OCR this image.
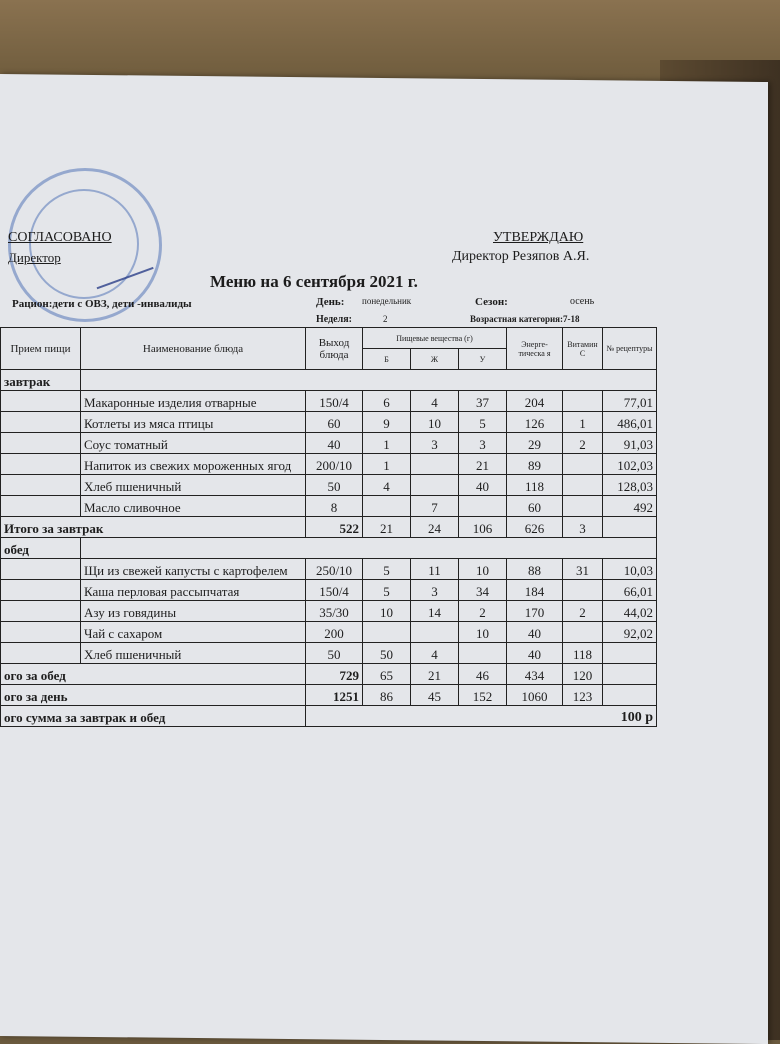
СОГЛАСОВАНО
Директор
УТВЕРЖДАЮ
Директор Резяпов А.Я.
Меню на 6 сентября 2021 г.
Рацион:дети с ОВЗ, дети -инвалиды	День: понедельник	Сезон:	осень
Неделя:	2	Возрастная категория:7-18
Прием пищи	Наименование блюда	Выход блюда	Пищевые вещества (г)			Энерге-тическа я	Витамин С	№ рецептуры
			Б	Ж	У			
завтрак								
	Макаронные изделия отварные	150/4	6	4	37	204		77,01
	Котлеты из мяса птицы	60	9	10	5	126	1	486,01
	Соус томатный	40	1	3	3	29	2	91,03
	Напиток из свежих мороженных ягод	200/10	1		21	89		102,03
	Хлеб пшеничный	50	4		40	118		128,03
	Масло сливочное	8		7		60		492
Итого за завтрак		522	21	24	106	626	3	
обед								
	Щи из свежей капусты с картофелем	250/10	5	11	10	88	31	10,03
	Каша перловая рассыпчатая	150/4	5	3	34	184		66,01
	Азу из говядины	35/30	10	14	2	170	2	44,02
	Чай с сахаром	200			10	40		92,02
	Хлеб пшеничный	50	50	4		40	118	
ого за обед		729	65	21	46	434	120	
ого за день		1251	86	45	152	1060	123	
ого сумма за завтрак и обед		100 р						
